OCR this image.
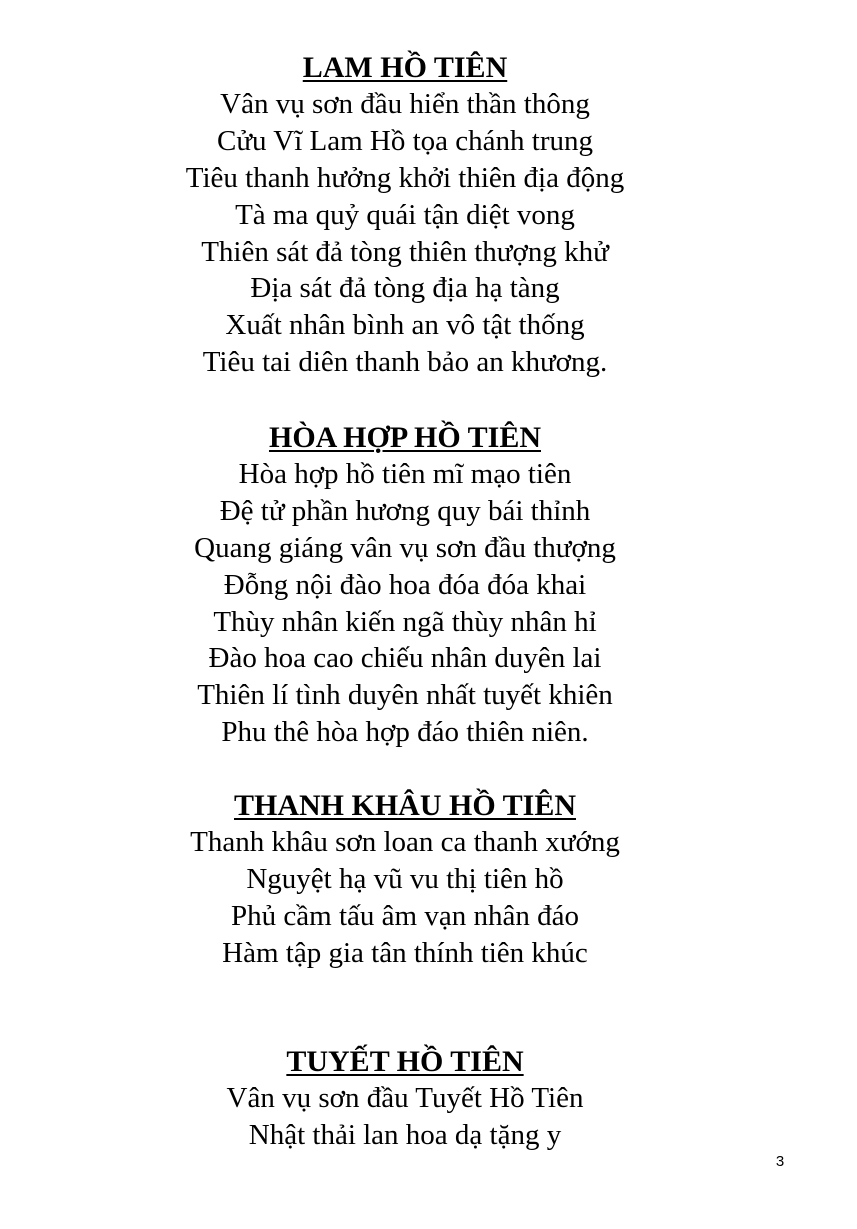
LAM HỒ TIÊN
Vân vụ sơn đầu hiển thần thông
Cửu Vĩ Lam Hồ tọa chánh trung
Tiêu thanh hưởng khởi thiên địa động
Tà ma quỷ quái tận diệt vong
Thiên sát đả tòng thiên thượng khử
Địa sát đả tòng địa hạ tàng
Xuất nhân bình an vô tật thống
Tiêu tai diên thanh bảo an khương.
HÒA HỢP HỒ TIÊN
Hòa hợp hồ tiên mĩ mạo tiên
Đệ tử phần hương quy bái thỉnh
Quang giáng vân vụ sơn đầu thượng
Đỗng nội đào hoa đóa đóa khai
Thùy nhân kiến ngã thùy nhân hỉ
Đào hoa cao chiếu nhân duyên lai
Thiên lí tình duyên nhất tuyết khiên
Phu thê hòa hợp đáo thiên niên.
THANH KHÂU HỒ TIÊN
Thanh khâu sơn loan ca thanh xướng
Nguyệt hạ vũ vu thị tiên hồ
Phủ cầm tấu âm vạn nhân đáo
Hàm tập gia tân thính tiên khúc
TUYẾT HỒ TIÊN
Vân vụ sơn đầu Tuyết Hồ Tiên
Nhật thải lan hoa dạ tặng y
3
